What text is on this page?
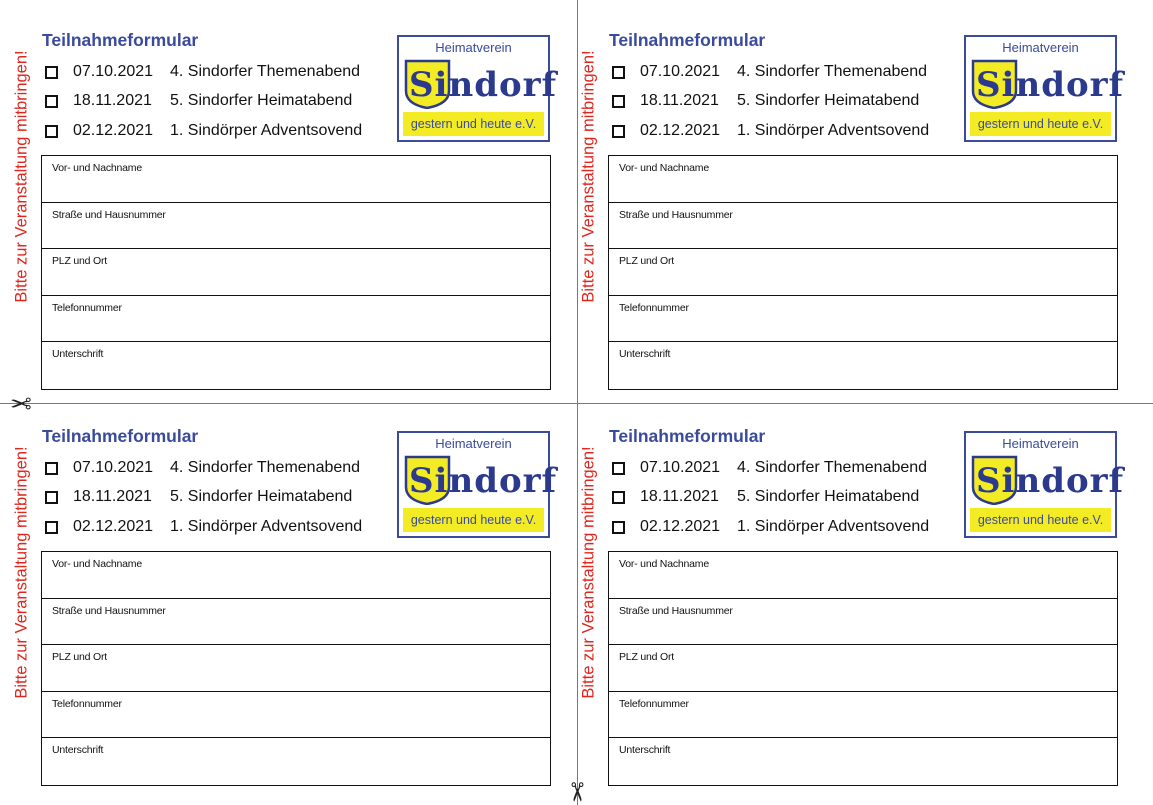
✂
✂
Bitte zur Veranstaltung mitbringen!
Teilnahmeformular
07.10.2021	4. Sindorfer Themenabend
18.11.2021	5. Sindorfer Heimatabend
02.12.2021	1. Sindörper Adventsovend
Heimatverein
Sindorf
gestern und heute e.V.
Vor- und Nachname
Straße und Hausnummer
PLZ und Ort
Telefonnummer
Unterschrift
Bitte zur Veranstaltung mitbringen!
Teilnahmeformular
07.10.2021	4. Sindorfer Themenabend
18.11.2021	5. Sindorfer Heimatabend
02.12.2021	1. Sindörper Adventsovend
Heimatverein
Sindorf
gestern und heute e.V.
Vor- und Nachname
Straße und Hausnummer
PLZ und Ort
Telefonnummer
Unterschrift
Bitte zur Veranstaltung mitbringen!
Teilnahmeformular
07.10.2021	4. Sindorfer Themenabend
18.11.2021	5. Sindorfer Heimatabend
02.12.2021	1. Sindörper Adventsovend
Heimatverein
Sindorf
gestern und heute e.V.
Vor- und Nachname
Straße und Hausnummer
PLZ und Ort
Telefonnummer
Unterschrift
Bitte zur Veranstaltung mitbringen!
Teilnahmeformular
07.10.2021	4. Sindorfer Themenabend
18.11.2021	5. Sindorfer Heimatabend
02.12.2021	1. Sindörper Adventsovend
Heimatverein
Sindorf
gestern und heute e.V.
Vor- und Nachname
Straße und Hausnummer
PLZ und Ort
Telefonnummer
Unterschrift
